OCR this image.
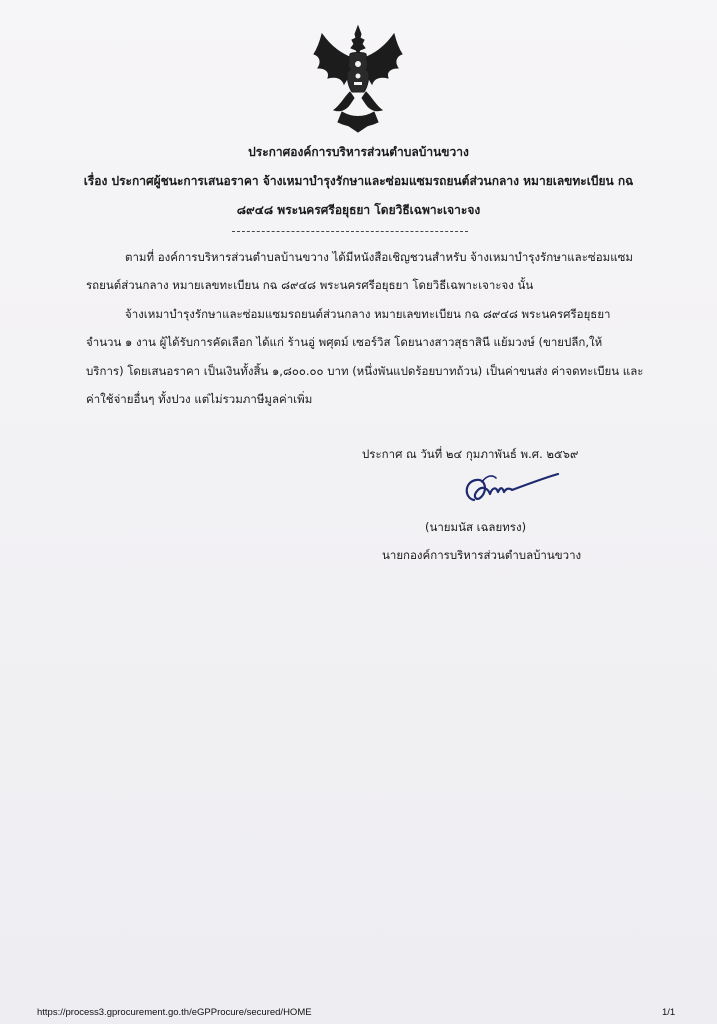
ประกาศองค์การบริหารส่วนตำบลบ้านขวาง
เรื่อง ประกาศผู้ชนะการเสนอราคา จ้างเหมาบำรุงรักษาและซ่อมแซมรถยนต์ส่วนกลาง หมายเลขทะเบียน กฉ
๘๙๔๘ พระนครศรีอยุธยา โดยวิธีเฉพาะเจาะจง
ตามที่ องค์การบริหารส่วนตำบลบ้านขวาง ได้มีหนังสือเชิญชวนสำหรับ จ้างเหมาบำรุงรักษาและซ่อมแซม
รถยนต์ส่วนกลาง หมายเลขทะเบียน กฉ ๘๙๔๘ พระนครศรีอยุธยา โดยวิธีเฉพาะเจาะจง นั้น
จ้างเหมาบำรุงรักษาและซ่อมแซมรถยนต์ส่วนกลาง หมายเลขทะเบียน กฉ ๘๙๔๘ พระนครศรีอยุธยา
จำนวน ๑ งาน ผู้ได้รับการคัดเลือก ได้แก่ ร้านอู่ พศุตม์ เซอร์วิส โดยนางสาวสุธาสินี แย้มวงษ์ (ขายปลีก,ให้
บริการ) โดยเสนอราคา เป็นเงินทั้งสิ้น ๑,๘๐๐.๐๐ บาท (หนึ่งพันแปดร้อยบาทถ้วน) เป็นค่าขนส่ง ค่าจดทะเบียน และ
ค่าใช้จ่ายอื่นๆ ทั้งปวง แต่ไม่รวมภาษีมูลค่าเพิ่ม
ประกาศ ณ วันที่ ๒๔ กุมภาพันธ์ พ.ศ. ๒๕๖๙
(นายมนัส เฉลยทรง)
นายกองค์การบริหารส่วนตำบลบ้านขวาง
https://process3.gprocurement.go.th/eGPProcure/secured/HOME	1/1
